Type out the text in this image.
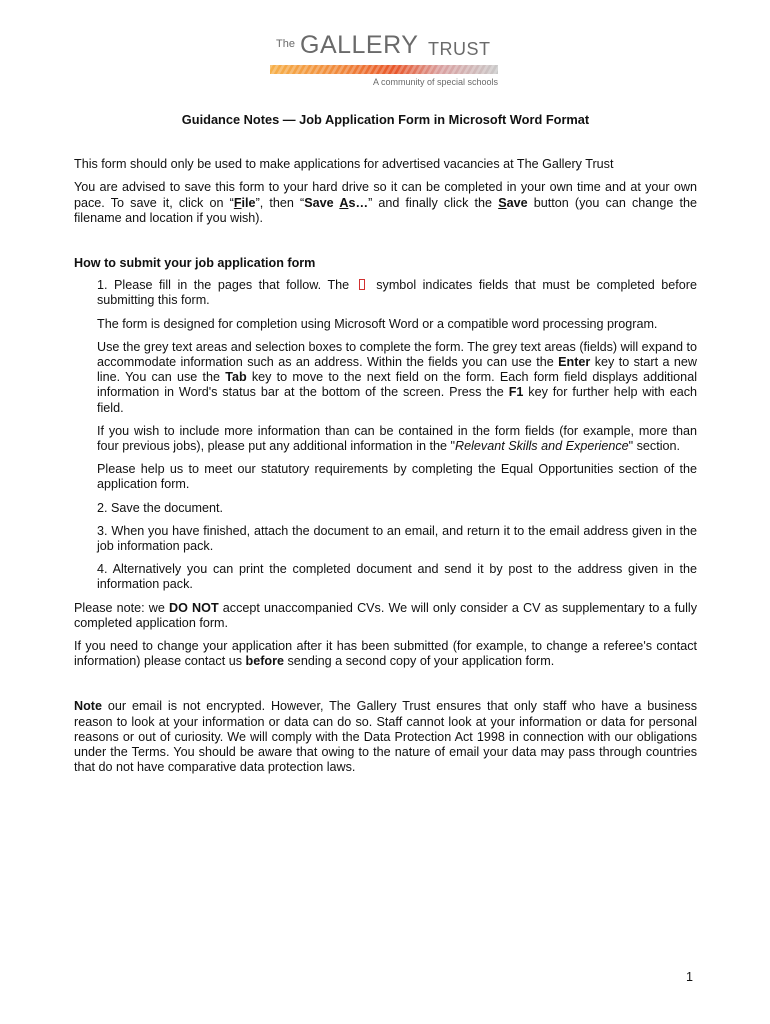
The GALLERY TRUST
A community of special schools
Guidance Notes — Job Application Form in Microsoft Word Format

This form should only be used to make applications for advertised vacancies at The Gallery Trust

You are advised to save this form to your hard drive so it can be completed in your own time and at your own pace. To save it, click on “File”, then “Save As…” and finally click the Save button (you can change the filename and location if you wish).

How to submit your job application form

1. Please fill in the pages that follow. The  symbol indicates fields that must be completed before submitting this form.

The form is designed for completion using Microsoft Word or a compatible word processing program.

Use the grey text areas and selection boxes to complete the form. The grey text areas (fields) will expand to accommodate information such as an address. Within the fields you can use the Enter key to start a new line. You can use the Tab key to move to the next field on the form. Each form field displays additional information in Word's status bar at the bottom of the screen. Press the F1 key for further help with each field.

If you wish to include more information than can be contained in the form fields (for example, more than four previous jobs), please put any additional information in the "Relevant Skills and Experience" section.

Please help us to meet our statutory requirements by completing the Equal Opportunities section of the application form.

2. Save the document.

3. When you have finished, attach the document to an email, and return it to the email address given in the job information pack.

4. Alternatively you can print the completed document and send it by post to the address given in the information pack.

Please note: we DO NOT accept unaccompanied CVs. We will only consider a CV as supplementary to a fully completed application form.

If you need to change your application after it has been submitted (for example, to change a referee's contact information) please contact us before sending a second copy of your application form.

Note our email is not encrypted. However, The Gallery Trust ensures that only staff who have a business reason to look at your information or data can do so. Staff cannot look at your information or data for personal reasons or out of curiosity. We will comply with the Data Protection Act 1998 in connection with our obligations under the Terms. You should be aware that owing to the nature of email your data may pass through countries that do not have comparative data protection laws.

1
